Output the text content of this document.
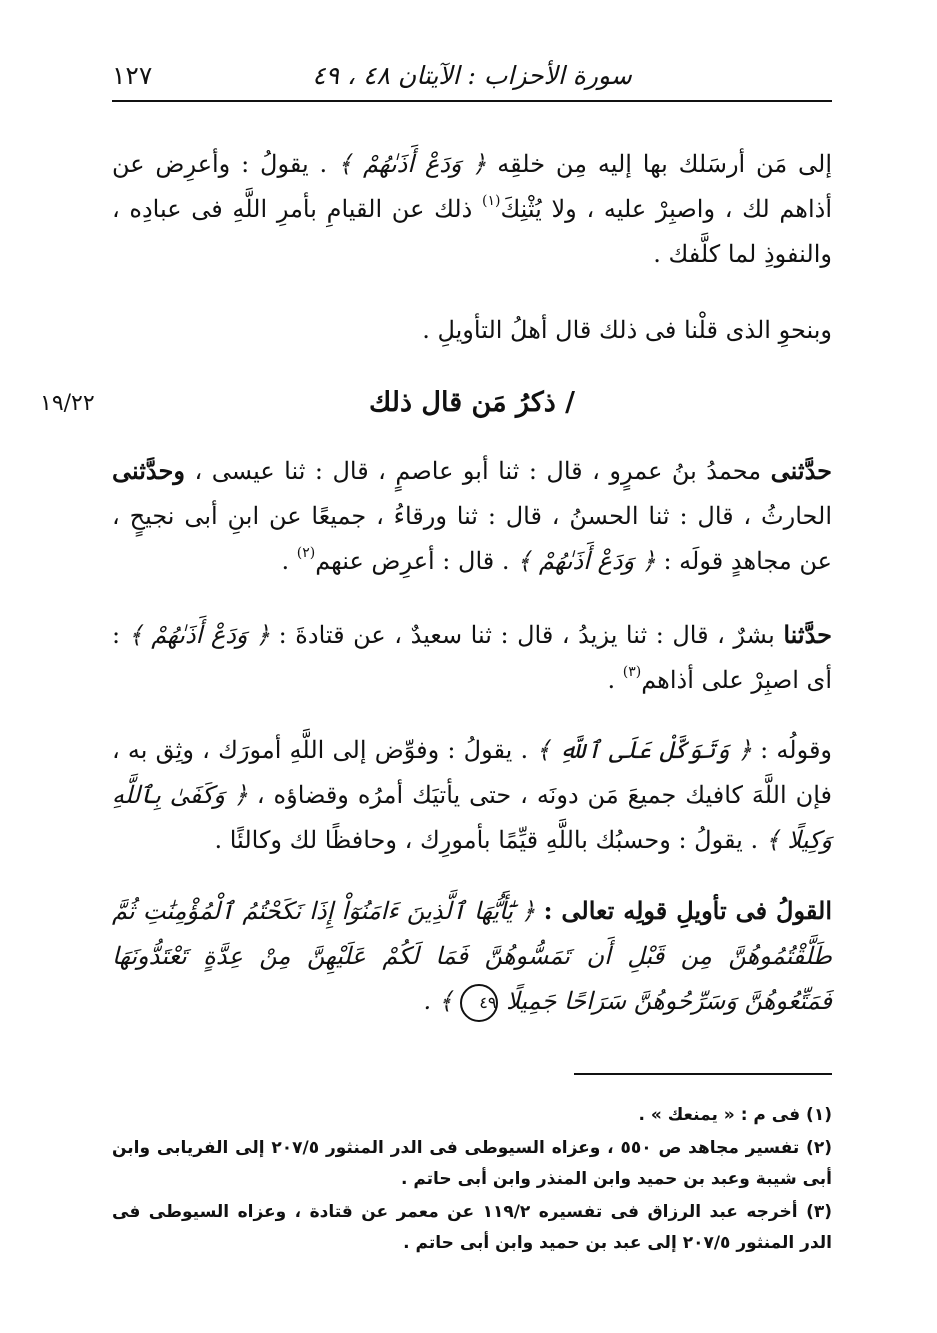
سورة الأحزاب : الآيتان ٤٨ ، ٤٩
١٢٧
إلى مَن أرسَلك بها إليه مِن خلقِه ﴿ وَدَعْ أَذَىٰهُمْ ﴾ . يقولُ : وأعرِض عن أذاهم لك ، واصبِرْ عليه ، ولا يُثْنِكَ$^{(١)}$ ذلك عن القيامِ بأمرِ اللَّهِ فى عبادِه ، والنفوذِ لما كلَّفك .
وبنحوِ الذى قلْنا فى ذلك قال أهلُ التأويلِ .
١٩/٢٢	/ ذكرُ مَن قال ذلك
حدَّثنى محمدُ بنُ عمرٍو ، قال : ثنا أبو عاصمٍ ، قال : ثنا عيسى ، وحدَّثنى الحارثُ ، قال : ثنا الحسنُ ، قال : ثنا ورقاءُ ، جميعًا عن ابنِ أبى نجيحٍ ، عن مجاهدٍ قولَه : ﴿ وَدَعْ أَذَىٰهُمْ ﴾ . قال : أعرِض عنهم$^{(٢)}$ .
حدَّثنا بشرٌ ، قال : ثنا يزيدُ ، قال : ثنا سعيدٌ ، عن قتادةَ : ﴿ وَدَعْ أَذَىٰهُمْ ﴾ : أى اصبِرْ على أذاهم$^{(٣)}$ .
وقولُه : ﴿ وَتَوَكَّلْ عَلَى ٱللَّهِ ﴾ . يقولُ : وفوِّض إلى اللَّهِ أمورَك ، وثِق به ، فإن اللَّهَ كافيك جميعَ مَن دونَه ، حتى يأتيَك أمرُه وقضاؤه ، ﴿ وَكَفَىٰ بِٱللَّهِ وَكِيلًا ﴾ . يقولُ : وحسبُك باللَّهِ قيِّمًا بأمورِك ، وحافظًا لك وكالئًا .
القولُ فى تأويلِ قولِه تعالى : ﴿ يَٰٓأَيُّهَا ٱلَّذِينَ ءَامَنُوٓاْ إِذَا نَكَحْتُمُ ٱلْمُؤْمِنَٰتِ ثُمَّ طَلَّقْتُمُوهُنَّ مِن قَبْلِ أَن تَمَسُّوهُنَّ فَمَا لَكُمْ عَلَيْهِنَّ مِنْ عِدَّةٍ تَعْتَدُّونَهَا فَمَتِّعُوهُنَّ وَسَرِّحُوهُنَّ سَرَاحًا جَمِيلًا ٤٩ ﴾ .
(١) فى م : « يمنعك » .
(٢) تفسير مجاهد ص ٥٥٠ ، وعزاه السيوطى فى الدر المنثور ٢٠٧/٥ إلى الفريابى وابن أبى شيبة وعبد بن حميد وابن المنذر وابن أبى حاتم .
(٣) أخرجه عبد الرزاق فى تفسيره ١١٩/٢ عن معمر عن قتادة ، وعزاه السيوطى فى الدر المنثور ٢٠٧/٥ إلى عبد بن حميد وابن أبى حاتم .
